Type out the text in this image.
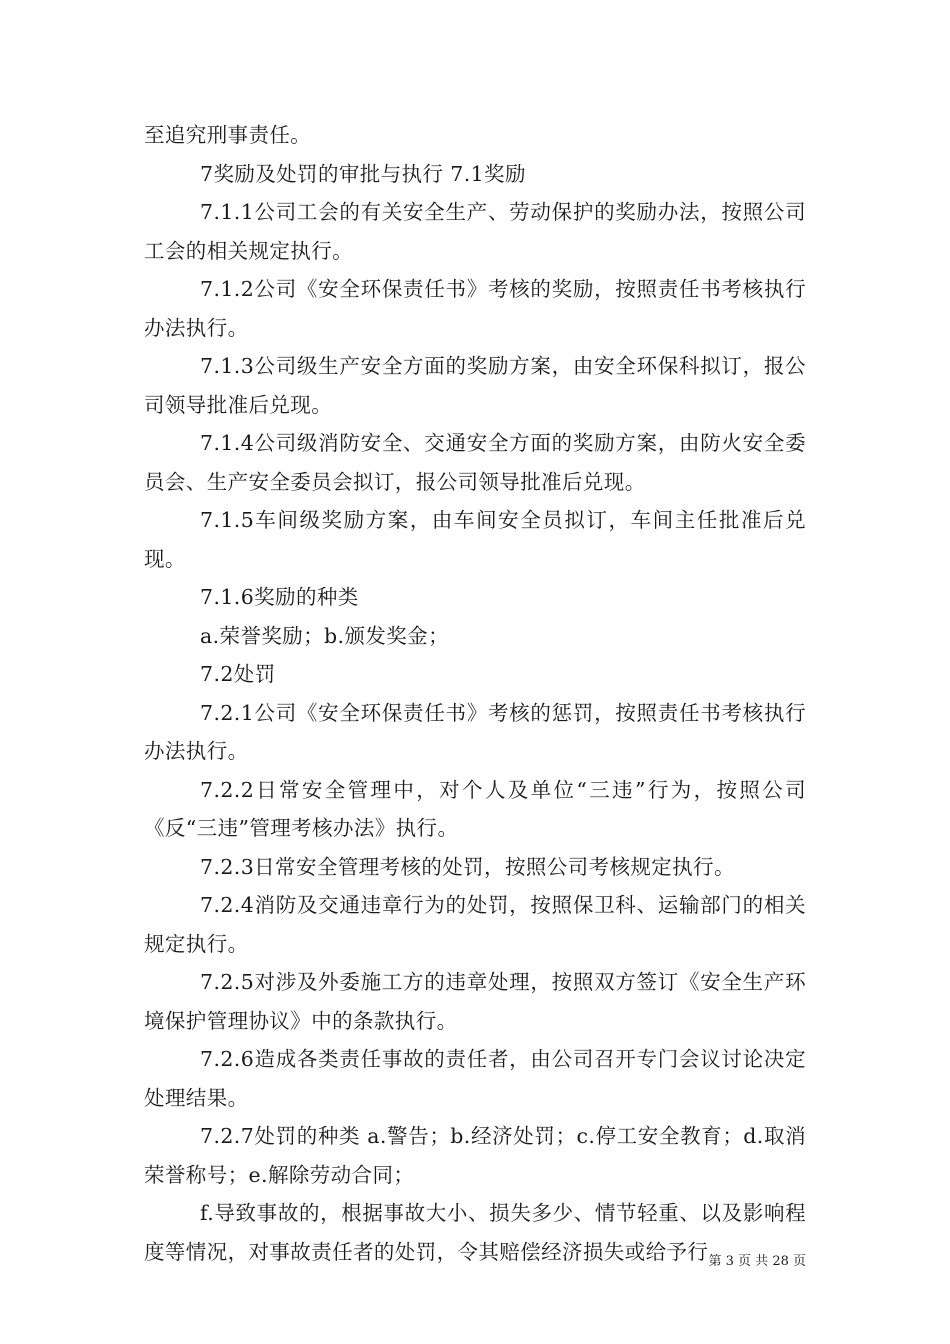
至追究刑事责任。

7奖励及处罚的审批与执行 7.1奖励

7.1.1公司工会的有关安全生产、劳动保护的奖励办法，按照公司工会的相关规定执行。

7.1.2公司《安全环保责任书》考核的奖励，按照责任书考核执行办法执行。

7.1.3公司级生产安全方面的奖励方案，由安全环保科拟订，报公司领导批准后兑现。

7.1.4公司级消防安全、交通安全方面的奖励方案，由防火安全委员会、生产安全委员会拟订，报公司领导批准后兑现。

7.1.5车间级奖励方案，由车间安全员拟订，车间主任批准后兑现。

7.1.6奖励的种类

a.荣誉奖励；b.颁发奖金；

7.2处罚

7.2.1公司《安全环保责任书》考核的惩罚，按照责任书考核执行办法执行。

7.2.2日常安全管理中，对个人及单位“三违”行为，按照公司《反“三违”管理考核办法》执行。

7.2.3日常安全管理考核的处罚，按照公司考核规定执行。

7.2.4消防及交通违章行为的处罚，按照保卫科、运输部门的相关规定执行。

7.2.5对涉及外委施工方的违章处理，按照双方签订《安全生产环境保护管理协议》中的条款执行。

7.2.6造成各类责任事故的责任者，由公司召开专门会议讨论决定处理结果。

7.2.7处罚的种类 a.警告；b.经济处罚；c.停工安全教育；d.取消荣誉称号；e.解除劳动合同；

f.导致事故的，根据事故大小、损失多少、情节轻重、以及影响程度等情况，对事故责任者的处罚，令其赔偿经济损失或给予行 第 3 页 共 28 页
